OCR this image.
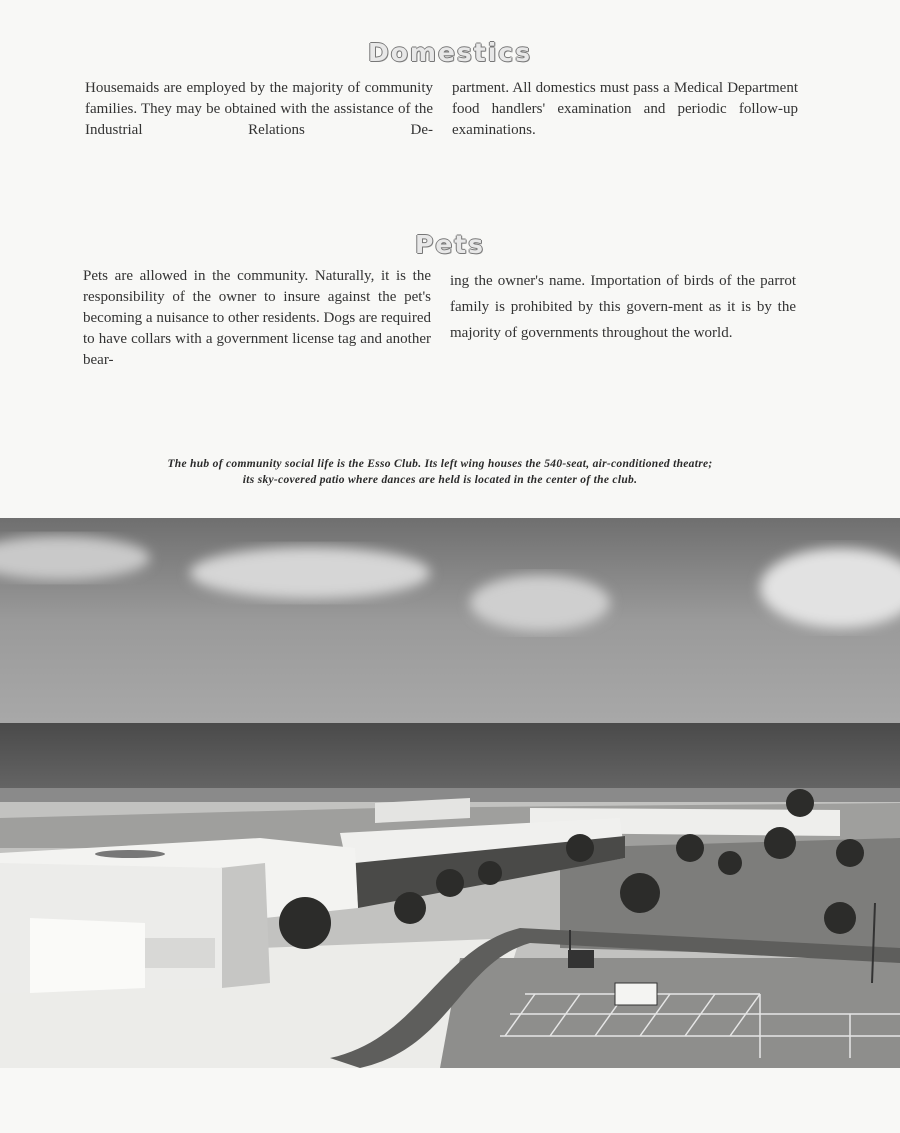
Domestics

Housemaids are employed by the majority of community families. They may be obtained with the assistance of the Industrial Relations De-

partment. All domestics must pass a Medical Department food handlers' examination and periodic follow-up examinations.

Pets

Pets are allowed in the community. Naturally, it is the responsibility of the owner to insure against the pet's becoming a nuisance to other residents. Dogs are required to have collars with a government license tag and another bear-

ing the owner's name. Importation of birds of the parrot family is prohibited by this govern-ment as it is by the majority of governments throughout the world.

The hub of community social life is the Esso Club. Its left wing houses the 540-seat, air-conditioned theatre; its sky-covered patio where dances are held is located in the center of the club.
